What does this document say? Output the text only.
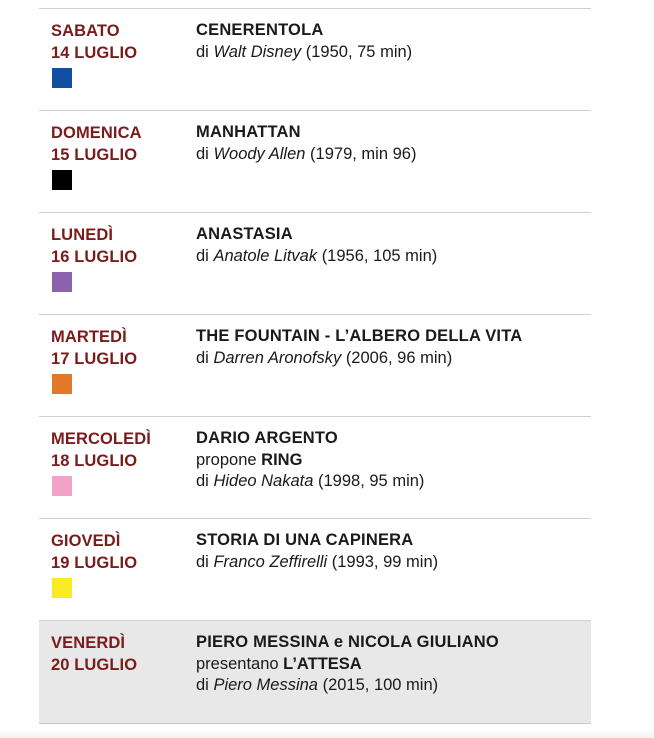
SABATO
14 LUGLIO
CENERENTOLA
di Walt Disney (1950, 75 min)
DOMENICA
15 LUGLIO
MANHATTAN
di Woody Allen (1979, min 96)
LUNEDÌ
16 LUGLIO
ANASTASIA
di Anatole Litvak (1956, 105 min)
MARTEDÌ
17 LUGLIO
THE FOUNTAIN - L’ALBERO DELLA VITA
di Darren Aronofsky (2006, 96 min)
MERCOLEDÌ
18 LUGLIO
DARIO ARGENTO
propone RING
di Hideo Nakata (1998, 95 min)
GIOVEDÌ
19 LUGLIO
STORIA DI UNA CAPINERA
di Franco Zeffirelli (1993, 99 min)
VENERDÌ
20 LUGLIO
PIERO MESSINA e NICOLA GIULIANO
presentano L’ATTESA
di Piero Messina (2015, 100 min)
